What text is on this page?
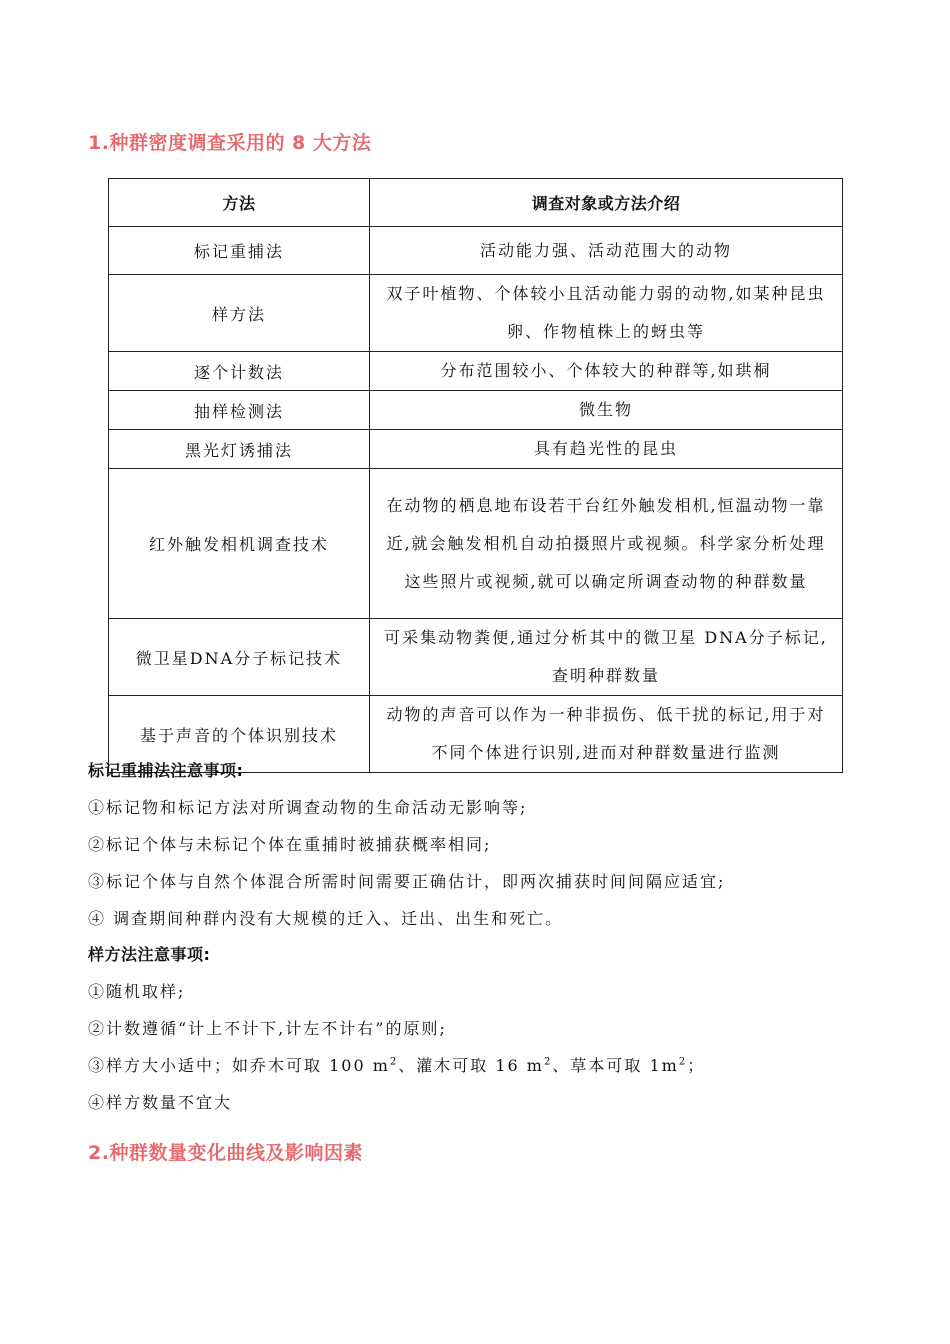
1.种群密度调查采用的 8 大方法
方法	调查对象或方法介绍
标记重捕法	活动能力强、活动范围大的动物
样方法	双子叶植物、个体较小且活动能力弱的动物,如某种昆虫卵、作物植株上的蚜虫等
逐个计数法	分布范围较小、个体较大的种群等,如珙桐
抽样检测法	微生物
黑光灯诱捕法	具有趋光性的昆虫
红外触发相机调查技术	在动物的栖息地布设若干台红外触发相机,恒温动物一靠近,就会触发相机自动拍摄照片或视频。科学家分析处理这些照片或视频,就可以确定所调查动物的种群数量
微卫星DNA分子标记技术	可采集动物粪便,通过分析其中的微卫星 DNA分子标记,查明种群数量
基于声音的个体识别技术	动物的声音可以作为一种非损伤、低干扰的标记,用于对不同个体进行识别,进而对种群数量进行监测
标记重捕法注意事项:
①标记物和标记方法对所调查动物的生命活动无影响等;
②标记个体与未标记个体在重捕时被捕获概率相同;
③标记个体与自然个体混合所需时间需要正确估计，即两次捕获时间间隔应适宜;
④ 调查期间种群内没有大规模的迁入、迁出、出生和死亡。
样方法注意事项:
①随机取样;
②计数遵循“计上不计下,计左不计右”的原则;
③样方大小适中；如乔木可取 100 $m^2$、灌木可取 16 $m^2$、草本可取 $1m^2$；
④样方数量不宜大
2.种群数量变化曲线及影响因素
